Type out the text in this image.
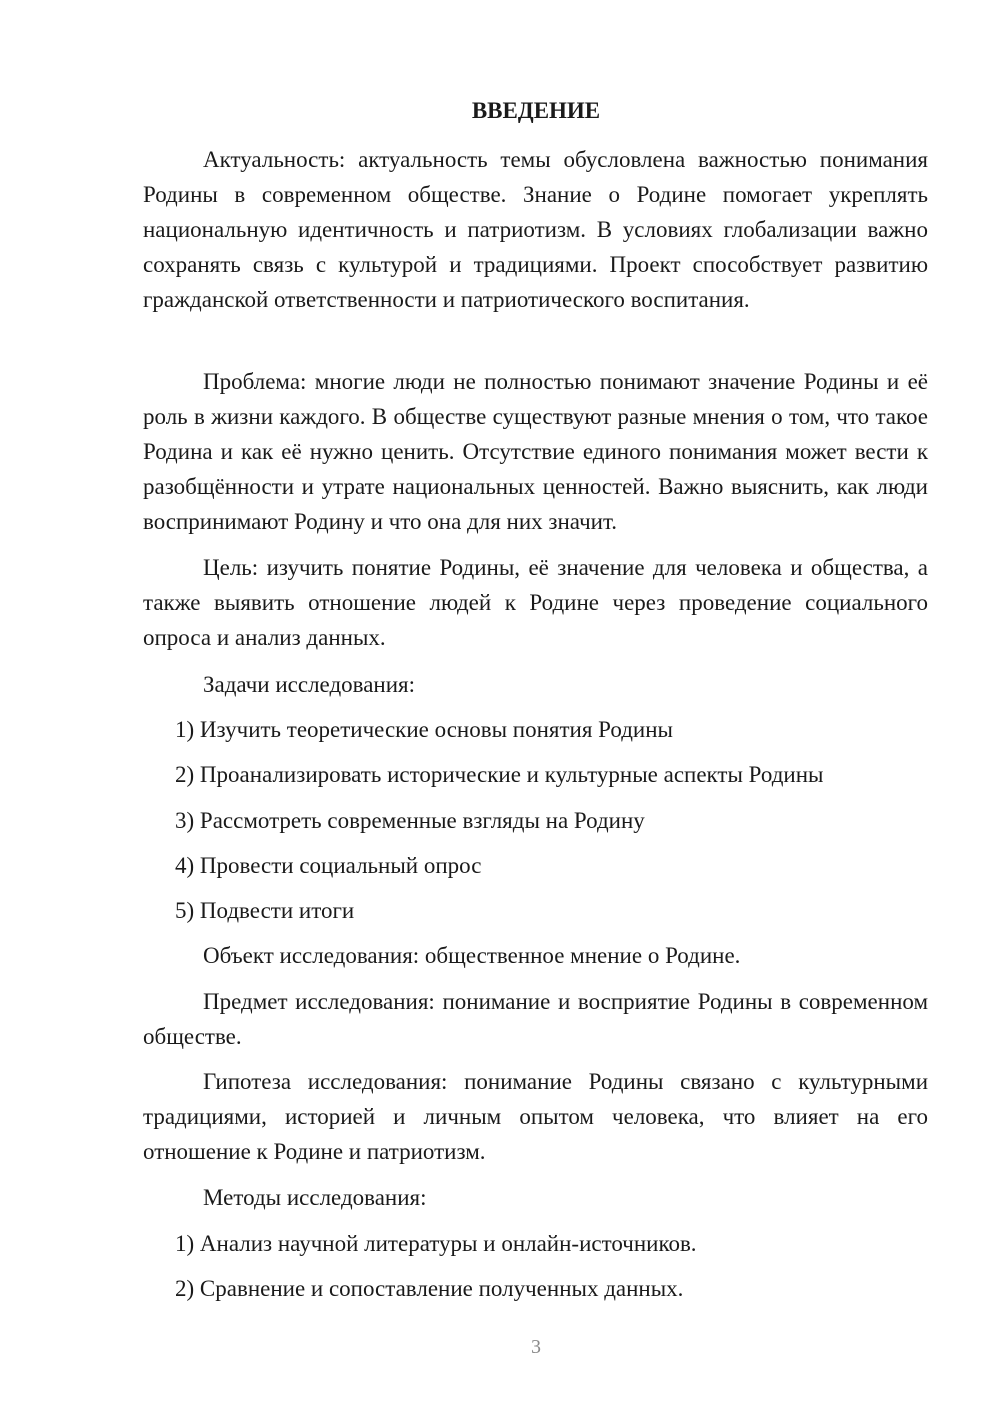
ВВЕДЕНИЕ

Актуальность: актуальность темы обусловлена важностью понимания Родины в современном обществе. Знание о Родине помогает укреплять национальную идентичность и патриотизм. В условиях глобализации важно сохранять связь с культурой и традициями. Проект способствует развитию гражданской ответственности и патриотического воспитания.

Проблема: многие люди не полностью понимают значение Родины и её роль в жизни каждого. В обществе существуют разные мнения о том, что такое Родина и как её нужно ценить. Отсутствие единого понимания может вести к разобщённости и утрате национальных ценностей. Важно выяснить, как люди воспринимают Родину и что она для них значит.

Цель: изучить понятие Родины, её значение для человека и общества, а также выявить отношение людей к Родине через проведение социального опроса и анализ данных.

Задачи исследования:

1) Изучить теоретические основы понятия Родины

2) Проанализировать исторические и культурные аспекты Родины

3) Рассмотреть современные взгляды на Родину

4) Провести социальный опрос

5) Подвести итоги

Объект исследования: общественное мнение о Родине.

Предмет исследования: понимание и восприятие Родины в современном обществе.

Гипотеза исследования: понимание Родины связано с культурными традициями, историей и личным опытом человека, что влияет на его отношение к Родине и патриотизм.

Методы исследования:

1) Анализ научной литературы и онлайн-источников.

2) Сравнение и сопоставление полученных данных.

3
